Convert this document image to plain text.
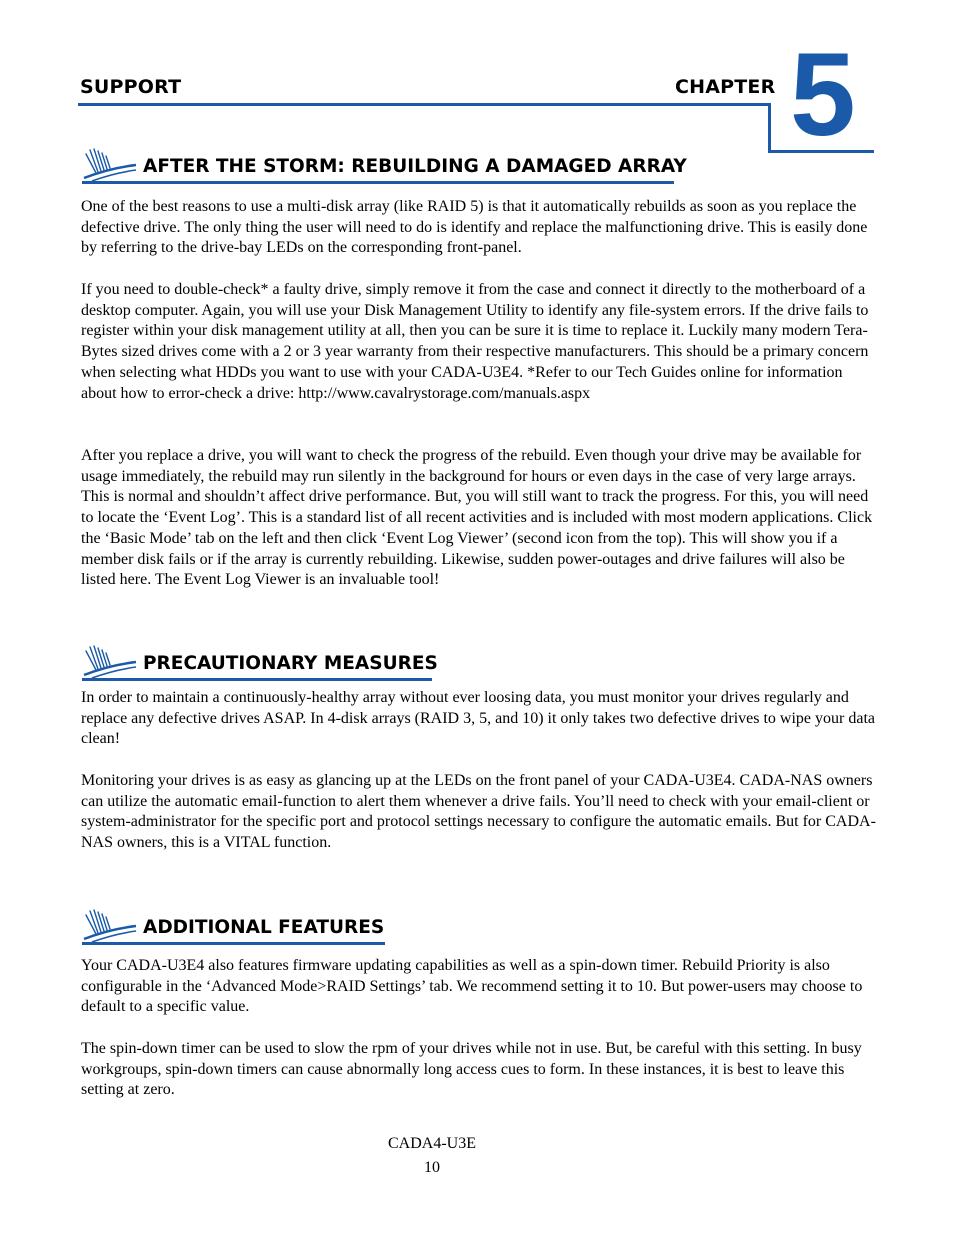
SUPPORT	CHAPTER 5
AFTER THE STORM: REBUILDING A DAMAGED ARRAY

One of the best reasons to use a multi-disk array (like RAID 5) is that it automatically rebuilds as soon as you replace the defective drive. The only thing the user will need to do is identify and replace the malfunctioning drive. This is easily done by referring to the drive-bay LEDs on the corresponding front-panel.

If you need to double-check* a faulty drive, simply remove it from the case and connect it directly to the motherboard of a desktop computer. Again, you will use your Disk Management Utility to identify any file-system errors. If the drive fails to register within your disk management utility at all, then you can be sure it is time to replace it. Luckily many modern Tera-Bytes sized drives come with a 2 or 3 year warranty from their respective manufacturers. This should be a primary concern when selecting what HDDs you want to use with your CADA-U3E4. *Refer to our Tech Guides online for information about how to error-check a drive: http://www.cavalrystorage.com/manuals.aspx

After you replace a drive, you will want to check the progress of the rebuild. Even though your drive may be available for usage immediately, the rebuild may run silently in the background for hours or even days in the case of very large arrays. This is normal and shouldn’t affect drive performance. But, you will still want to track the progress. For this, you will need to locate the ‘Event Log’. This is a standard list of all recent activities and is included with most modern applications. Click the ‘Basic Mode’ tab on the left and then click ‘Event Log Viewer’ (second icon from the top). This will show you if a member disk fails or if the array is currently rebuilding. Likewise, sudden power-outages and drive failures will also be listed here. The Event Log Viewer is an invaluable tool!

PRECAUTIONARY MEASURES

In order to maintain a continuously-healthy array without ever loosing data, you must monitor your drives regularly and replace any defective drives ASAP. In 4-disk arrays (RAID 3, 5, and 10) it only takes two defective drives to wipe your data clean!

Monitoring your drives is as easy as glancing up at the LEDs on the front panel of your CADA-U3E4. CADA-NAS owners can utilize the automatic email-function to alert them whenever a drive fails. You’ll need to check with your email-client or system-administrator for the specific port and protocol settings necessary to configure the automatic emails. But for CADA-NAS owners, this is a VITAL function.

ADDITIONAL FEATURES

Your CADA-U3E4 also features firmware updating capabilities as well as a spin-down timer. Rebuild Priority is also configurable in the ‘Advanced Mode>RAID Settings’ tab. We recommend setting it to 10. But power-users may choose to default to a specific value.

The spin-down timer can be used to slow the rpm of your drives while not in use. But, be careful with this setting. In busy workgroups, spin-down timers can cause abnormally long access cues to form. In these instances, it is best to leave this setting at zero.

CADA4-U3E
10
